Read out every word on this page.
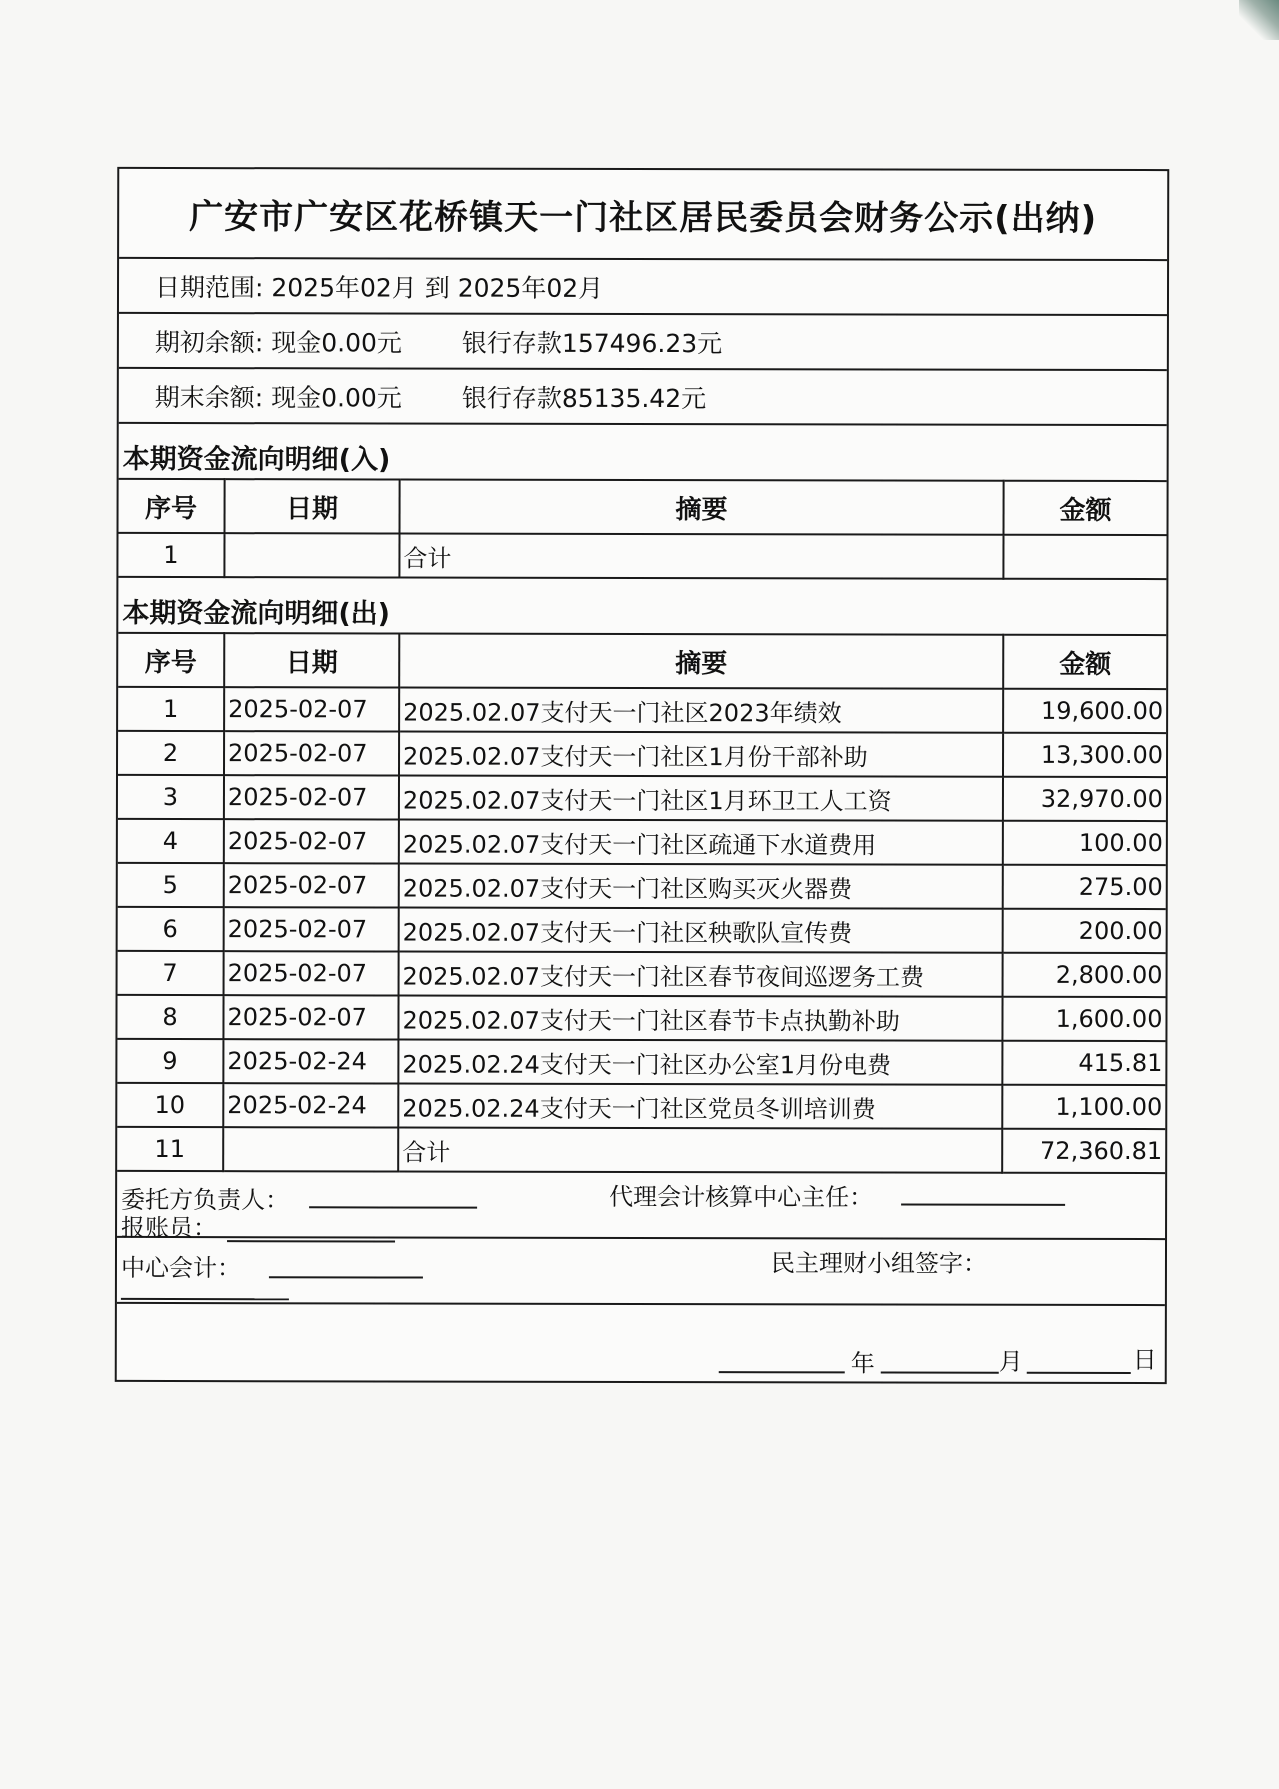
广安市广安区花桥镇天一门社区居民委员会财务公示(出纳)
日期范围: 2025年02月 到 2025年02月
期初余额: 现金0.00元 银行存款157496.23元
期末余额: 现金0.00元 银行存款85135.42元
本期资金流向明细(入)
序号	日期	摘要	金额
1		合计	
本期资金流向明细(出)
序号	日期	摘要	金额
1	2025-02-07	2025.02.07支付天一门社区2023年绩效	19,600.00
2	2025-02-07	2025.02.07支付天一门社区1月份干部补助	13,300.00
3	2025-02-07	2025.02.07支付天一门社区1月环卫工人工资	32,970.00
4	2025-02-07	2025.02.07支付天一门社区疏通下水道费用	100.00
5	2025-02-07	2025.02.07支付天一门社区购买灭火器费	275.00
6	2025-02-07	2025.02.07支付天一门社区秧歌队宣传费	200.00
7	2025-02-07	2025.02.07支付天一门社区春节夜间巡逻务工费	2,800.00
8	2025-02-07	2025.02.07支付天一门社区春节卡点执勤补助	1,600.00
9	2025-02-24	2025.02.24支付天一门社区办公室1月份电费	415.81
10	2025-02-24	2025.02.24支付天一门社区党员冬训培训费	1,100.00
11		合计	72,360.81
委托方负责人：	代理会计核算中心主任：
报账员：
中心会计：	民主理财小组签字：
年	月	日
